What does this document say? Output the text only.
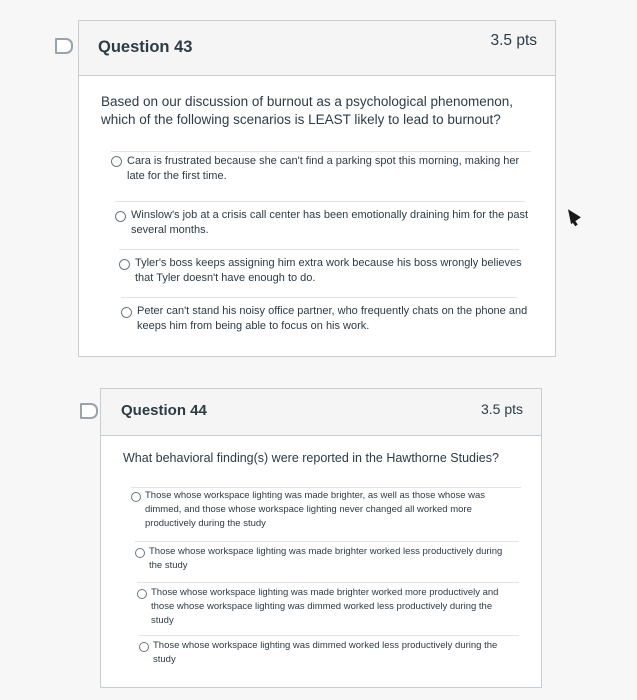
Question 43	3.5 pts
Based on our discussion of burnout as a psychological phenomenon, which of the following scenarios is LEAST likely to lead to burnout?
Cara is frustrated because she can't find a parking spot this morning, making her late for the first time.
Winslow's job at a crisis call center has been emotionally draining him for the past several months.
Tyler's boss keeps assigning him extra work because his boss wrongly believes that Tyler doesn't have enough to do.
Peter can't stand his noisy office partner, who frequently chats on the phone and keeps him from being able to focus on his work.
Question 44	3.5 pts
What behavioral finding(s) were reported in the Hawthorne Studies?
Those whose workspace lighting was made brighter, as well as those whose was dimmed, and those whose workspace lighting never changed all worked more productively during the study
Those whose workspace lighting was made brighter worked less productively during the study
Those whose workspace lighting was made brighter worked more productively and those whose workspace lighting was dimmed worked less productively during the study
Those whose workspace lighting was dimmed worked less productively during the study
